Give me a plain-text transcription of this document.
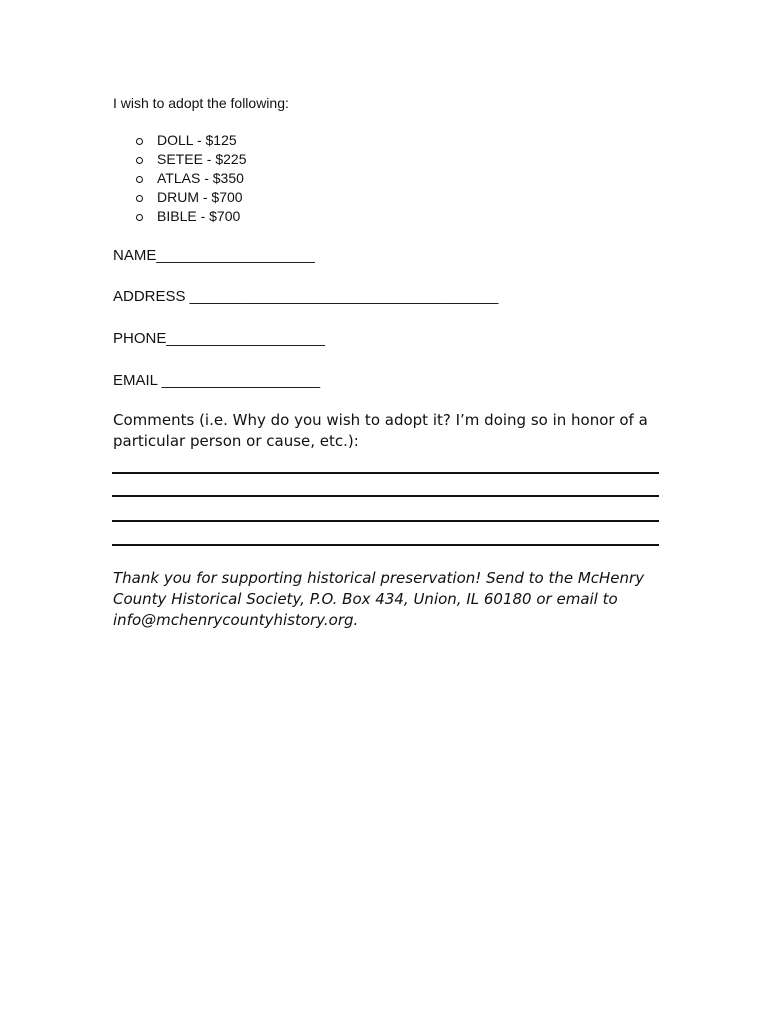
I wish to adopt the following:
DOLL - $125
SETEE - $225
ATLAS - $350
DRUM - $700
BIBLE - $700
NAME___________________
ADDRESS _____________________________________
PHONE___________________
EMAIL ___________________
Comments (i.e. Why do you wish to adopt it? I’m doing so in honor of a particular person or cause, etc.):
Thank you for supporting historical preservation! Send to the McHenry County Historical Society, P.O. Box 434, Union, IL 60180 or email to info@mchenrycountyhistory.org.
